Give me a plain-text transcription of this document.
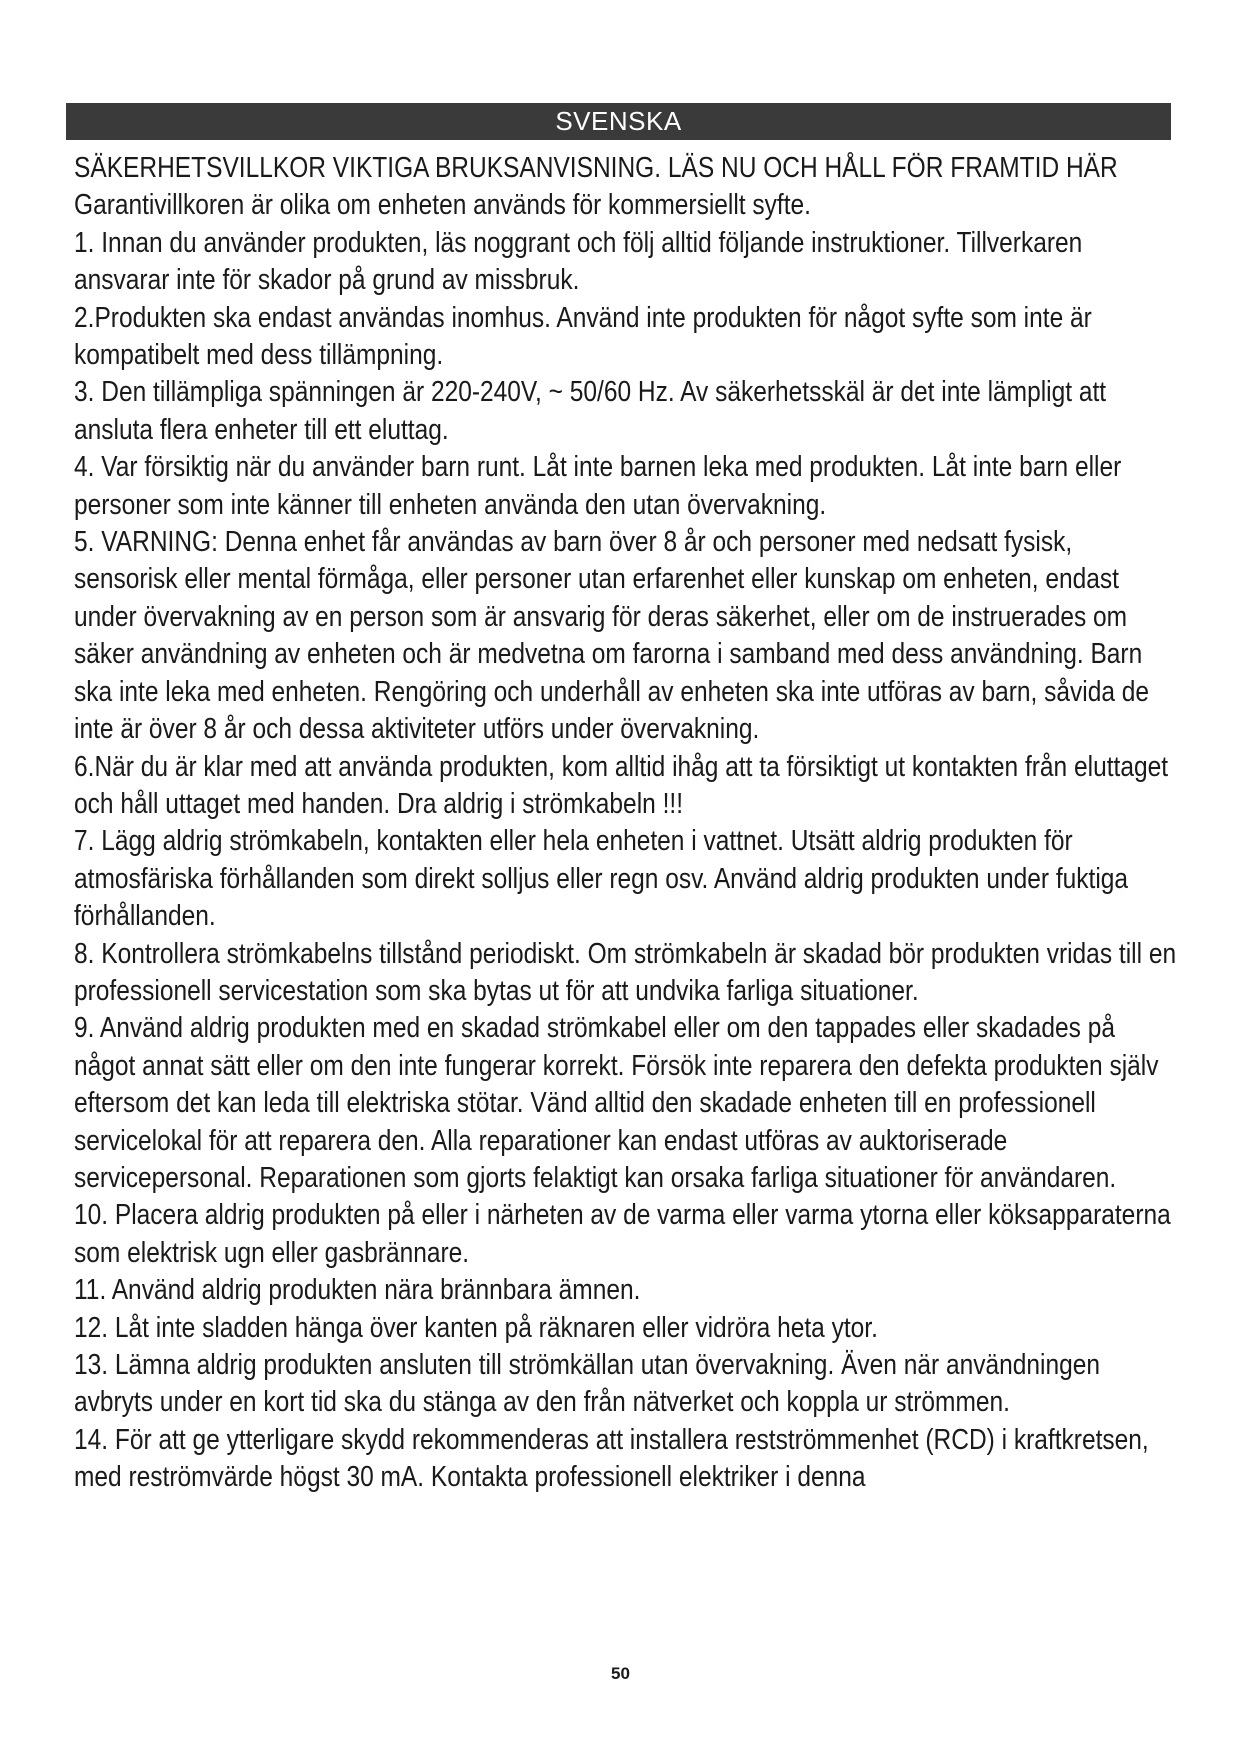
SVENSKA

SÄKERHETSVILLKOR VIKTIGA BRUKSANVISNING. LÄS NU OCH HÅLL FÖR FRAMTID HÄR

Garantivillkoren är olika om enheten används för kommersiellt syfte.

1. Innan du använder produkten, läs noggrant och följ alltid följande instruktioner. Tillverkaren ansvarar inte för skador på grund av missbruk.

2.Produkten ska endast användas inomhus. Använd inte produkten för något syfte som inte är kompatibelt med dess tillämpning.

3. Den tillämpliga spänningen är 220-240V, ~ 50/60 Hz. Av säkerhetsskäl är det inte lämpligt att ansluta flera enheter till ett eluttag.

4. Var försiktig när du använder barn runt. Låt inte barnen leka med produkten. Låt inte barn eller personer som inte känner till enheten använda den utan övervakning.

5. VARNING: Denna enhet får användas av barn över 8 år och personer med nedsatt fysisk, sensorisk eller mental förmåga, eller personer utan erfarenhet eller kunskap om enheten, endast under övervakning av en person som är ansvarig för deras säkerhet, eller om de instruerades om säker användning av enheten och är medvetna om farorna i samband med dess användning. Barn ska inte leka med enheten. Rengöring och underhåll av enheten ska inte utföras av barn, såvida de inte är över 8 år och dessa aktiviteter utförs under övervakning.

6.När du är klar med att använda produkten, kom alltid ihåg att ta försiktigt ut kontakten från eluttaget och håll uttaget med handen. Dra aldrig i strömkabeln !!!

7. Lägg aldrig strömkabeln, kontakten eller hela enheten i vattnet. Utsätt aldrig produkten för atmosfäriska förhållanden som direkt solljus eller regn osv. Använd aldrig produkten under fuktiga förhållanden.

8. Kontrollera strömkabelns tillstånd periodiskt. Om strömkabeln är skadad bör produkten vridas till en professionell servicestation som ska bytas ut för att undvika farliga situationer.

9. Använd aldrig produkten med en skadad strömkabel eller om den tappades eller skadades på något annat sätt eller om den inte fungerar korrekt. Försök inte reparera den defekta produkten själv eftersom det kan leda till elektriska stötar. Vänd alltid den skadade enheten till en professionell servicelokal för att reparera den. Alla reparationer kan endast utföras av auktoriserade servicepersonal. Reparationen som gjorts felaktigt kan orsaka farliga situationer för användaren.

10. Placera aldrig produkten på eller i närheten av de varma eller varma ytorna eller köksapparaterna som elektrisk ugn eller gasbrännare.

11. Använd aldrig produkten nära brännbara ämnen.

12. Låt inte sladden hänga över kanten på räknaren eller vidröra heta ytor.

13. Lämna aldrig produkten ansluten till strömkällan utan övervakning. Även när användningen avbryts under en kort tid ska du stänga av den från nätverket och koppla ur strömmen.

14. För att ge ytterligare skydd rekommenderas att installera restströmmenhet (RCD) i kraftkretsen, med reströmvärde högst 30 mA. Kontakta professionell elektriker i denna

50
